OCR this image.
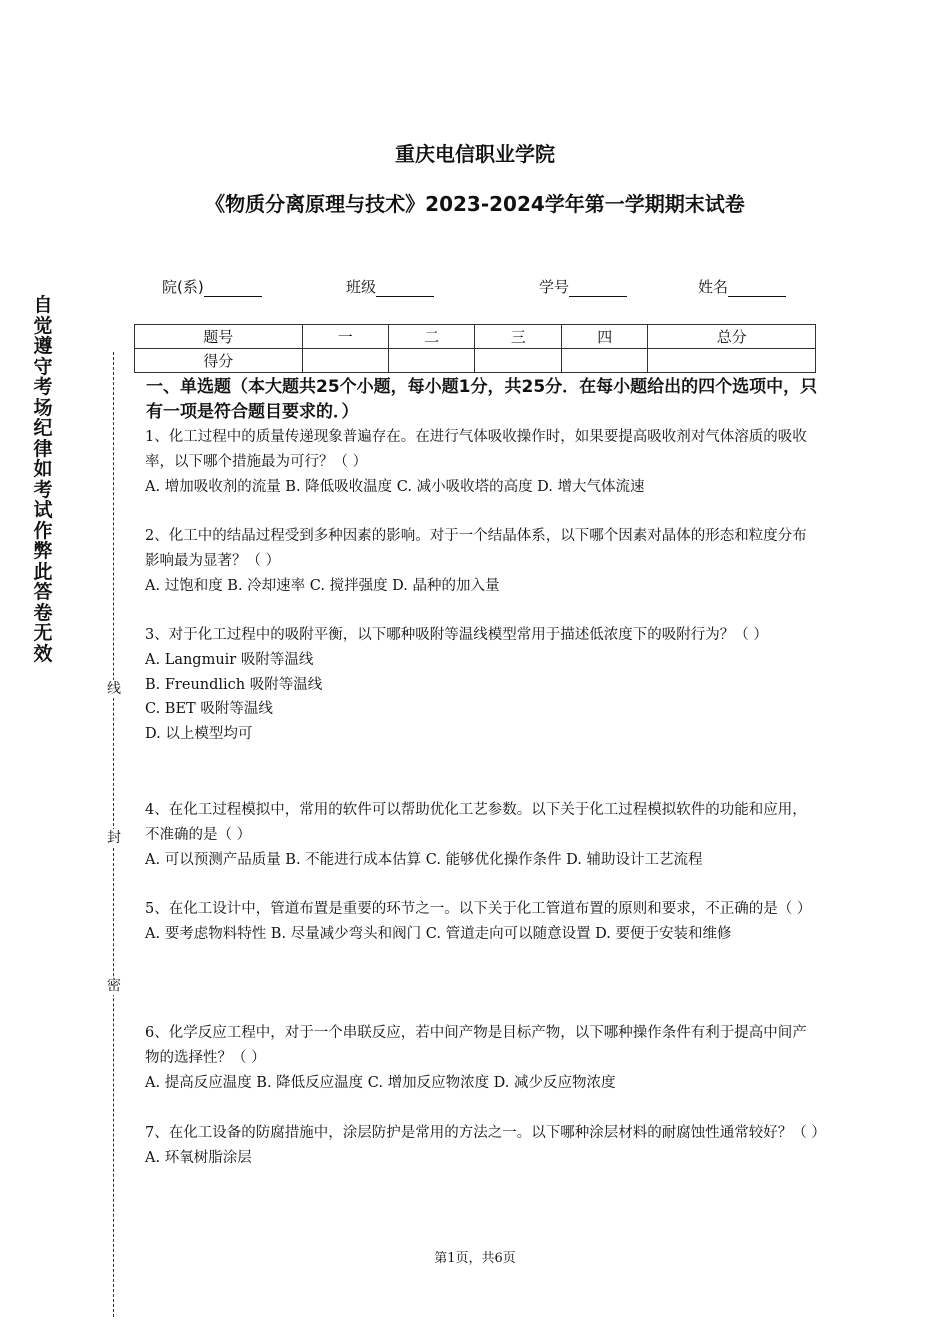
重庆电信职业学院
《物质分离原理与技术》2023-2024学年第一学期期末试卷
自觉遵守考场纪律如考试作弊此答卷无效
线
封
密
院(系)	班级	学号	姓名
题号	一	二	三	四	总分
得分					
一、单选题（本大题共25个小题，每小题1分，共25分．在每小题给出的四个选项中，只有一项是符合题目要求的．）

1、化工过程中的质量传递现象普遍存在。在进行气体吸收操作时，如果要提高吸收剂对气体溶质的吸收率，以下哪个措施最为可行？（ ）

A. 增加吸收剂的流量 B. 降低吸收温度 C. 减小吸收塔的高度 D. 增大气体流速

2、化工中的结晶过程受到多种因素的影响。对于一个结晶体系，以下哪个因素对晶体的形态和粒度分布影响最为显著？（ ）

A. 过饱和度 B. 冷却速率 C. 搅拌强度 D. 晶种的加入量

3、对于化工过程中的吸附平衡，以下哪种吸附等温线模型常用于描述低浓度下的吸附行为？（ ）

A. Langmuir 吸附等温线

B. Freundlich 吸附等温线

C. BET 吸附等温线

D. 以上模型均可

4、在化工过程模拟中，常用的软件可以帮助优化工艺参数。以下关于化工过程模拟软件的功能和应用，不准确的是（ ）

A. 可以预测产品质量 B. 不能进行成本估算 C. 能够优化操作条件 D. 辅助设计工艺流程

5、在化工设计中，管道布置是重要的环节之一。以下关于化工管道布置的原则和要求，不正确的是（ ）

A. 要考虑物料特性 B. 尽量减少弯头和阀门 C. 管道走向可以随意设置 D. 要便于安装和维修

6、化学反应工程中，对于一个串联反应，若中间产物是目标产物，以下哪种操作条件有利于提高中间产物的选择性？（ ）

A. 提高反应温度 B. 降低反应温度 C. 增加反应物浓度 D. 减少反应物浓度

7、在化工设备的防腐措施中，涂层防护是常用的方法之一。以下哪种涂层材料的耐腐蚀性通常较好？（ ）

A. 环氧树脂涂层

第1页，共6页
